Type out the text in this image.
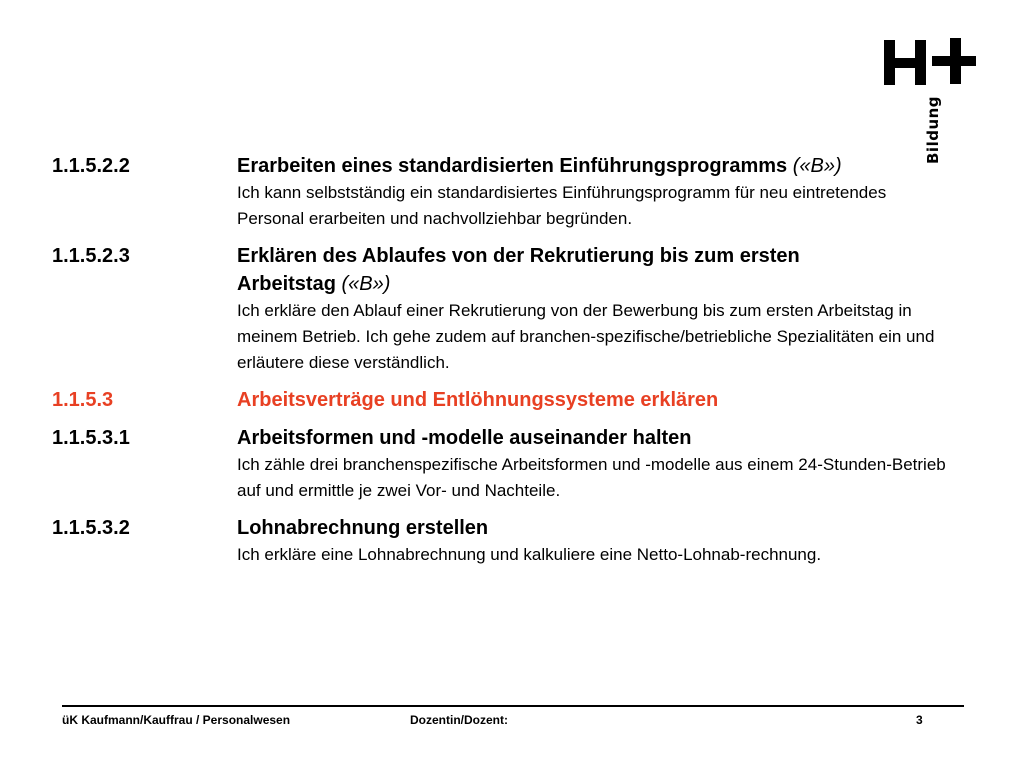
Bildung
1.1.5.2.2	Erarbeiten eines standardisierten Einführungsprogramms («B»)
Ich kann selbstständig ein standardisiertes Einführungsprogramm für neu eintretendes Personal erarbeiten und nachvollziehbar begründen.
1.1.5.2.3	Erklären des Ablaufes von der Rekrutierung bis zum ersten Arbeitstag («B»)
Ich erkläre den Ablauf einer Rekrutierung von der Bewerbung bis zum ersten Arbeitstag in meinem Betrieb. Ich gehe zudem auf branchen-spezifische/betriebliche Spezialitäten ein und erläutere diese verständlich.
1.1.5.3	Arbeitsverträge und Entlöhnungssysteme erklären
1.1.5.3.1	Arbeitsformen und -modelle auseinander halten
Ich zähle drei branchenspezifische Arbeitsformen und -modelle aus einem 24-Stunden-Betrieb auf und ermittle je zwei Vor- und Nachteile.
1.1.5.3.2	Lohnabrechnung erstellen
Ich erkläre eine Lohnabrechnung und kalkuliere eine Netto-Lohnab-rechnung.
üK Kaufmann/Kauffrau / Personalwesen	Dozentin/Dozent:	3
